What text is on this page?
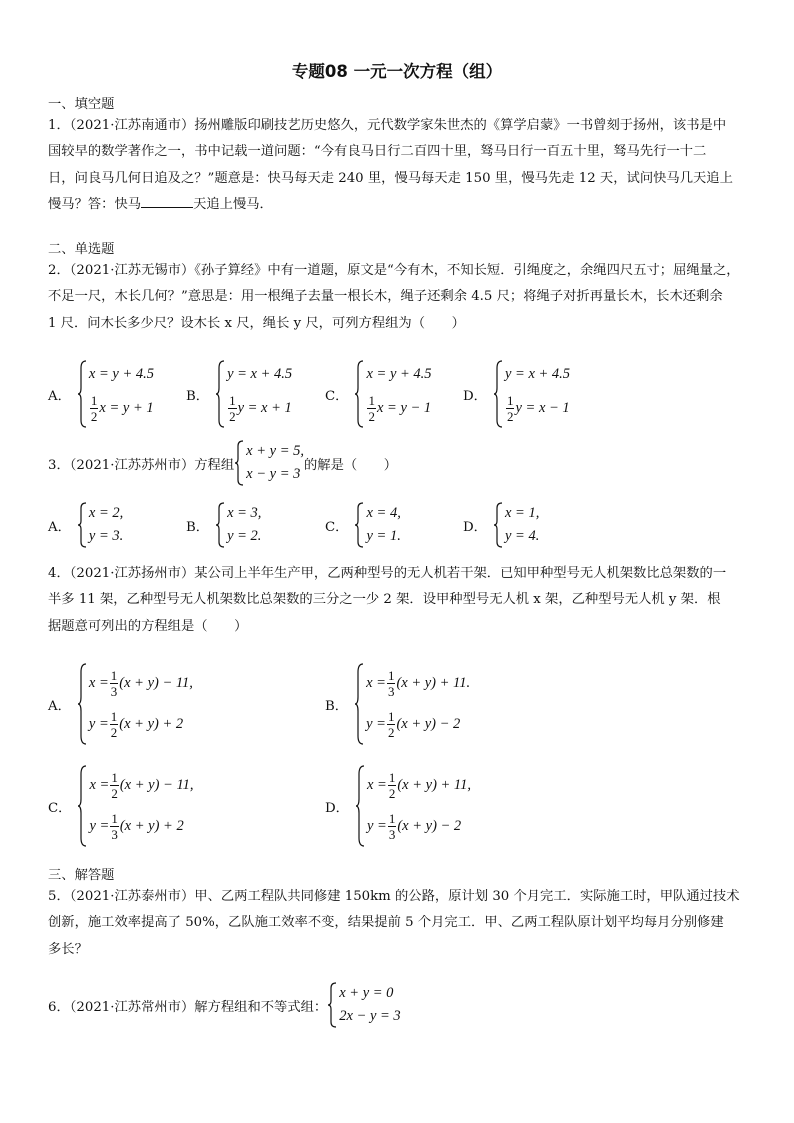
专题08 一元一次方程（组）
一、填空题
1．（2021·江苏南通市）扬州雕版印刷技艺历史悠久，元代数学家朱世杰的《算学启蒙》一书曾刻于扬州，该书是中
国较早的数学著作之一，书中记载一道问题：“今有良马日行二百四十里，驽马日行一百五十里，驽马先行一十二
日，问良马几何日追及之？”题意是：快马每天走 240 里，慢马每天走 150 里，慢马先走 12 天，试问快马几天追上
慢马？答：快马	天追上慢马．
二、单选题
2．（2021·江苏无锡市）《孙子算经》中有一道题，原文是“今有木，不知长短．引绳度之，余绳四尺五寸；屈绳量之，
不足一尺，木长几何？”意思是：用一根绳子去量一根长木，绳子还剩余 4.5 尺；将绳子对折再量长木，长木还剩余
1 尺．问木长多少尺？设木长 x 尺，绳长 y 尺，可列方程组为（　　）
A．
x = y + 4.5
$\frac{1}{2}$ x = y + 1
B．
y = x + 4.5
$\frac{1}{2}$ y = x + 1
C．
x = y + 4.5
$\frac{1}{2}$ x = y − 1
D．
y = x + 4.5
$\frac{1}{2}$ y = x − 1
3．（2021·江苏苏州市）方程组
x + y = 5,
x − y = 3
的解是（　　）
A．
x = 2,
y = 3.
B．
x = 3,
y = 2.
C．
x = 4,
y = 1.
D．
x = 1,
y = 4.
4．（2021·江苏扬州市）某公司上半年生产甲，乙两种型号的无人机若干架．已知甲种型号无人机架数比总架数的一
半多 11 架，乙种型号无人机架数比总架数的三分之一少 2 架．设甲种型号无人机 x 架，乙种型号无人机 y 架．根
据题意可列出的方程组是（　　）
A．
$x = \frac{1}{3} (x + y) - 11$,
$y = \frac{1}{2} (x + y) + 2$
B．
$x = \frac{1}{3} (x + y) + 11$.
$y = \frac{1}{2} (x + y) - 2$
C．
$x = \frac{1}{2} (x + y) - 11$,
$y = \frac{1}{3} (x + y) + 2$
D．
$x = \frac{1}{2} (x + y) + 11$,
$y = \frac{1}{3} (x + y) - 2$
三、解答题
5．（2021·江苏泰州市）甲、乙两工程队共同修建 150km 的公路，原计划 30 个月完工．实际施工时，甲队通过技术
创新，施工效率提高了 50%，乙队施工效率不变，结果提前 5 个月完工．甲、乙两工程队原计划平均每月分别修建
多长？
6．（2021·江苏常州市）解方程组和不等式组：
x + y = 0
2x − y = 3
